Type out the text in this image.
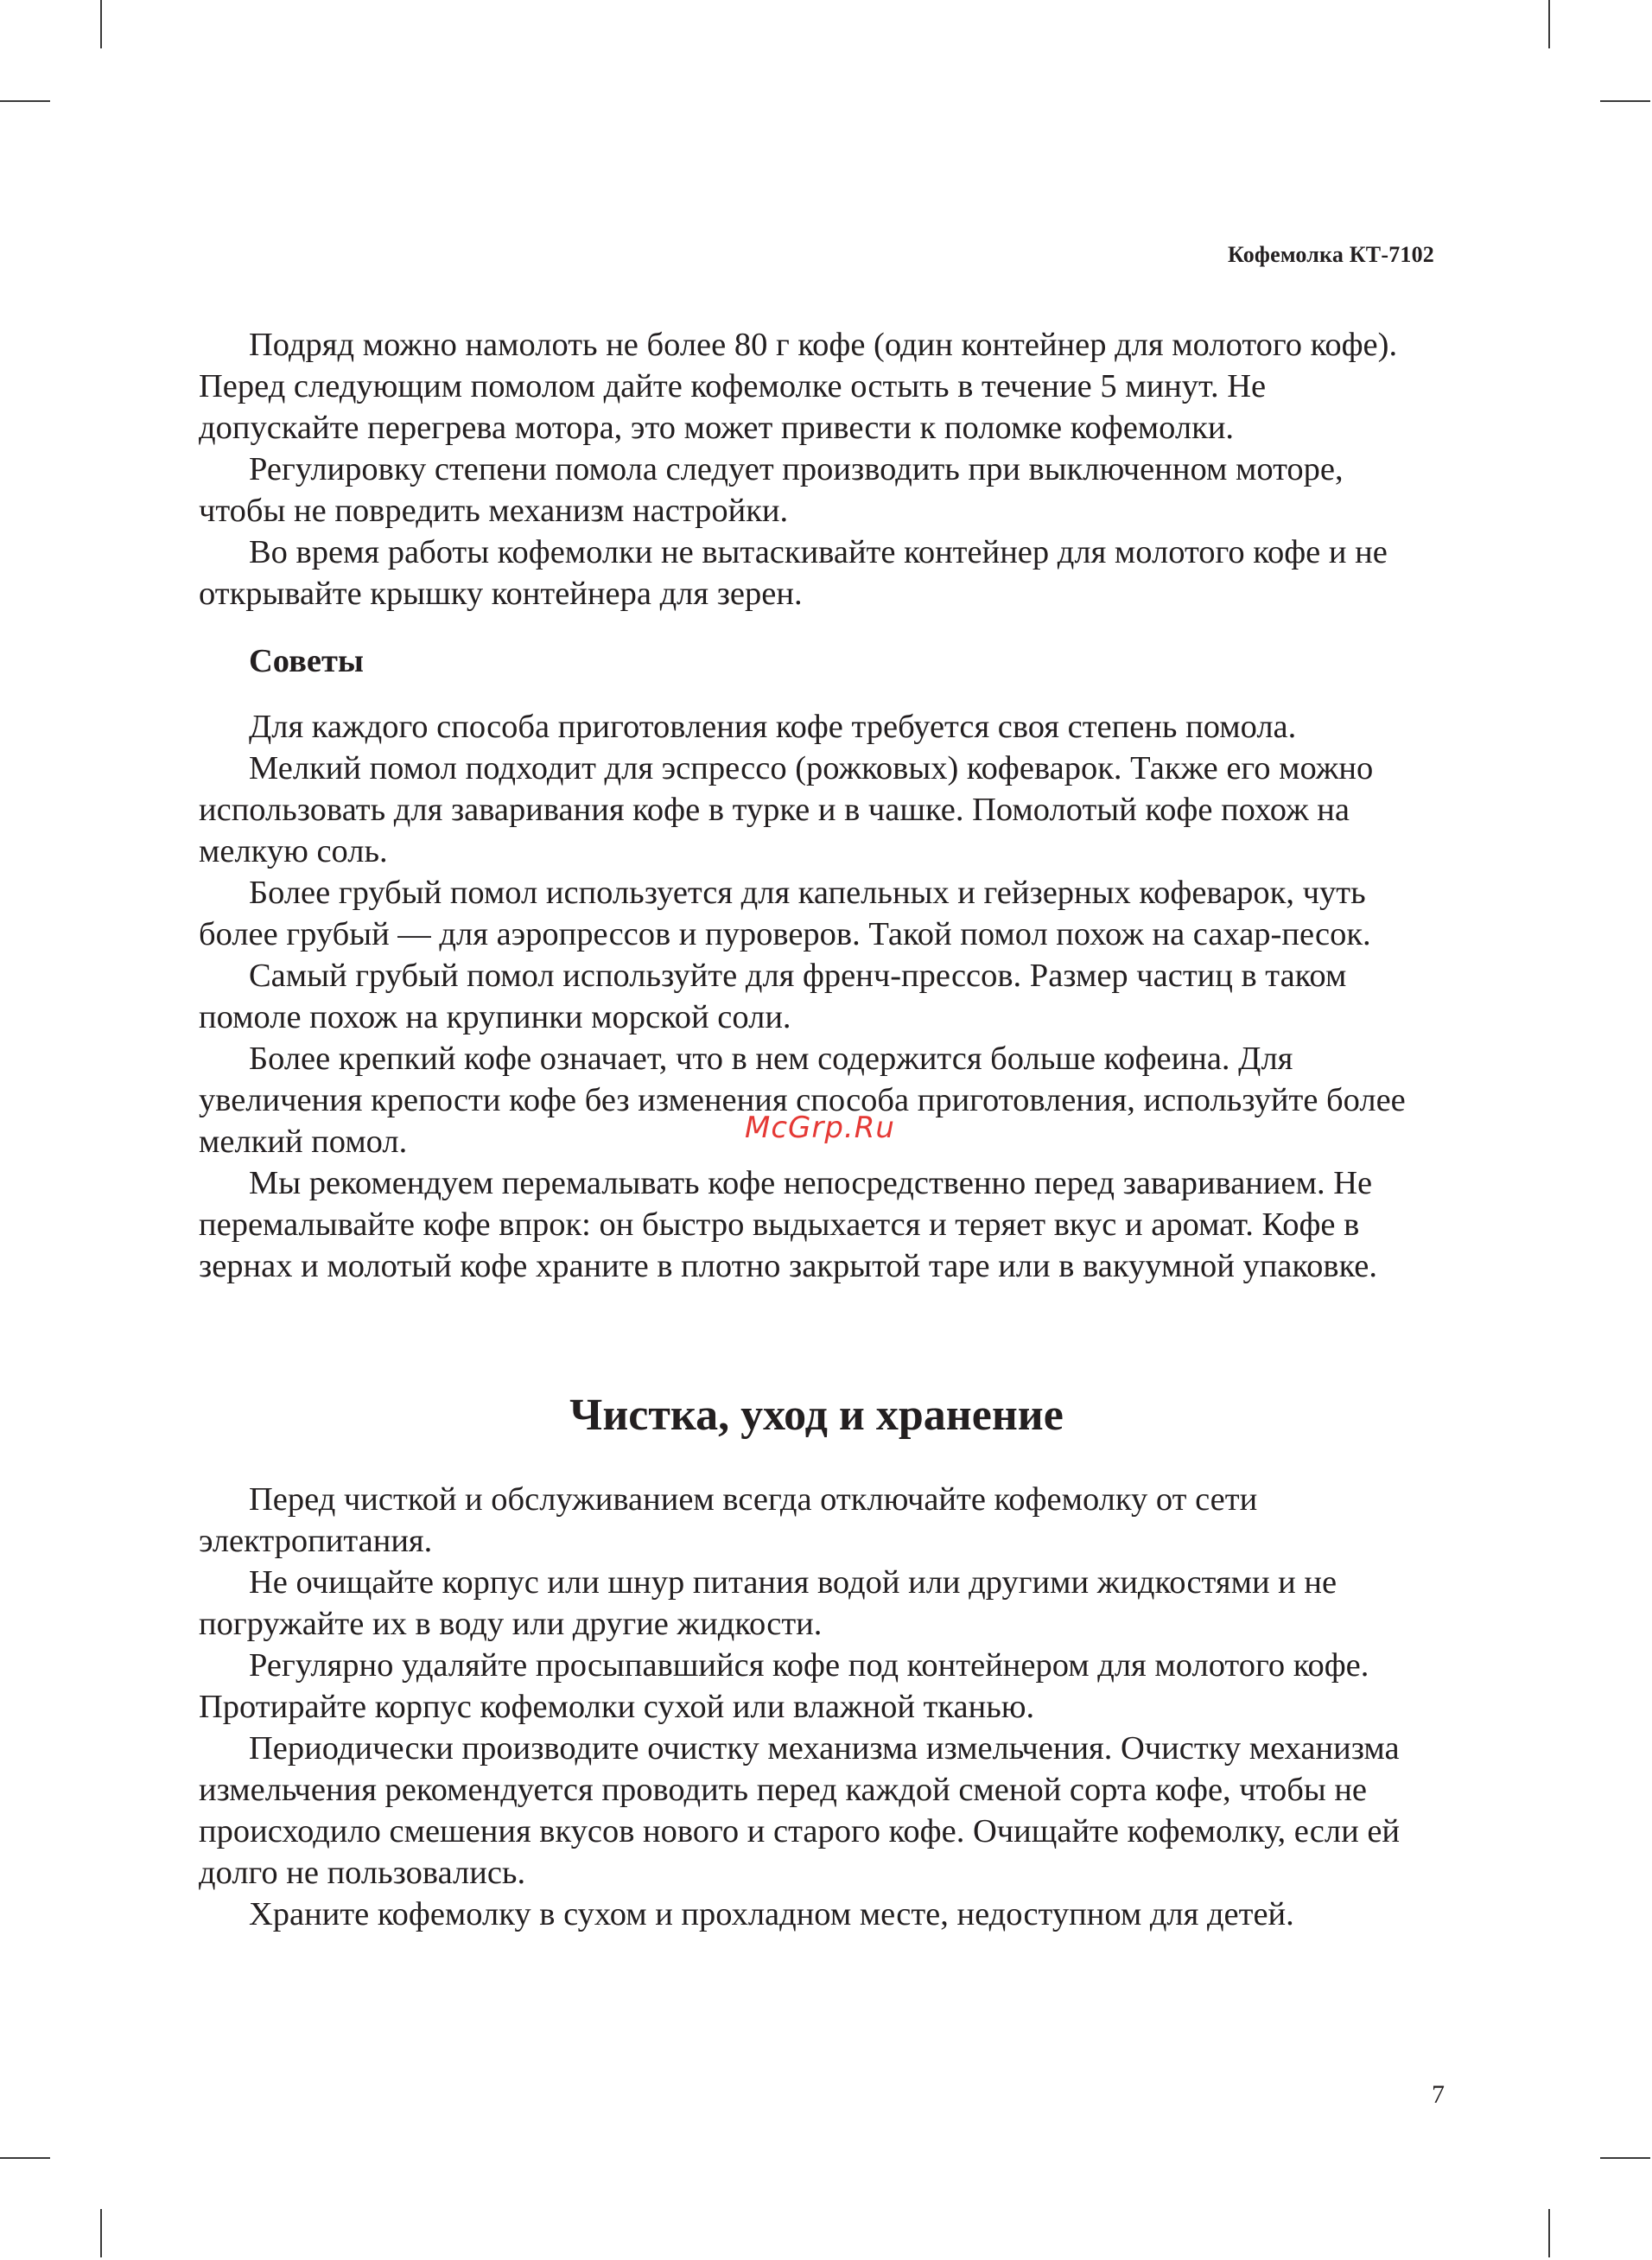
Кофемолка КТ-7102

Подряд можно намолоть не более 80 г кофе (один контейнер для молотого кофе). Перед следующим помолом дайте кофемолке остыть в течение 5 минут. Не допускайте перегрева мотора, это может привести к поломке кофемолки.

Регулировку степени помола следует производить при выключенном моторе, чтобы не повредить механизм настройки.

Во время работы кофемолки не вытаскивайте контейнер для молотого кофе и не открывайте крышку контейнера для зерен.

Советы

Для каждого способа приготовления кофе требуется своя степень помола.

Мелкий помол подходит для эспрессо (рожковых) кофеварок. Также его можно использовать для заваривания кофе в турке и в чашке. Помолотый кофе похож на мелкую соль.

Более грубый помол используется для капельных и гейзерных кофеварок, чуть более грубый — для аэропрессов и пуроверов. Такой помол похож на сахар-песок.

Самый грубый помол используйте для френч-прессов. Размер частиц в таком помоле похож на крупинки морской соли.

Более крепкий кофе означает, что в нем содержится больше кофеина. Для увеличения крепости кофе без изменения способа приготовления, используйте более мелкий помол.

Мы рекомендуем перемалывать кофе непосредственно перед завариванием. Не перемалывайте кофе впрок: он быстро выдыхается и теряет вкус и аромат. Кофе в зернах и молотый кофе храните в плотно закрытой таре или в вакуумной упаковке.

Чистка, уход и хранение

Перед чисткой и обслуживанием всегда отключайте кофемолку от сети электропитания.

Не очищайте корпус или шнур питания водой или другими жидкостями и не погружайте их в воду или другие жидкости.

Регулярно удаляйте просыпавшийся кофе под контейнером для молотого кофе. Протирайте корпус кофемолки сухой или влажной тканью.

Периодически производите очистку механизма измельчения. Очистку механизма измельчения рекомендуется проводить перед каждой сменой сорта кофе, чтобы не происходило смешения вкусов нового и старого кофе. Очищайте кофемолку, если ей долго не пользовались.

Храните кофемолку в сухом и прохладном месте, недоступном для детей.

McGrp.Ru
7
